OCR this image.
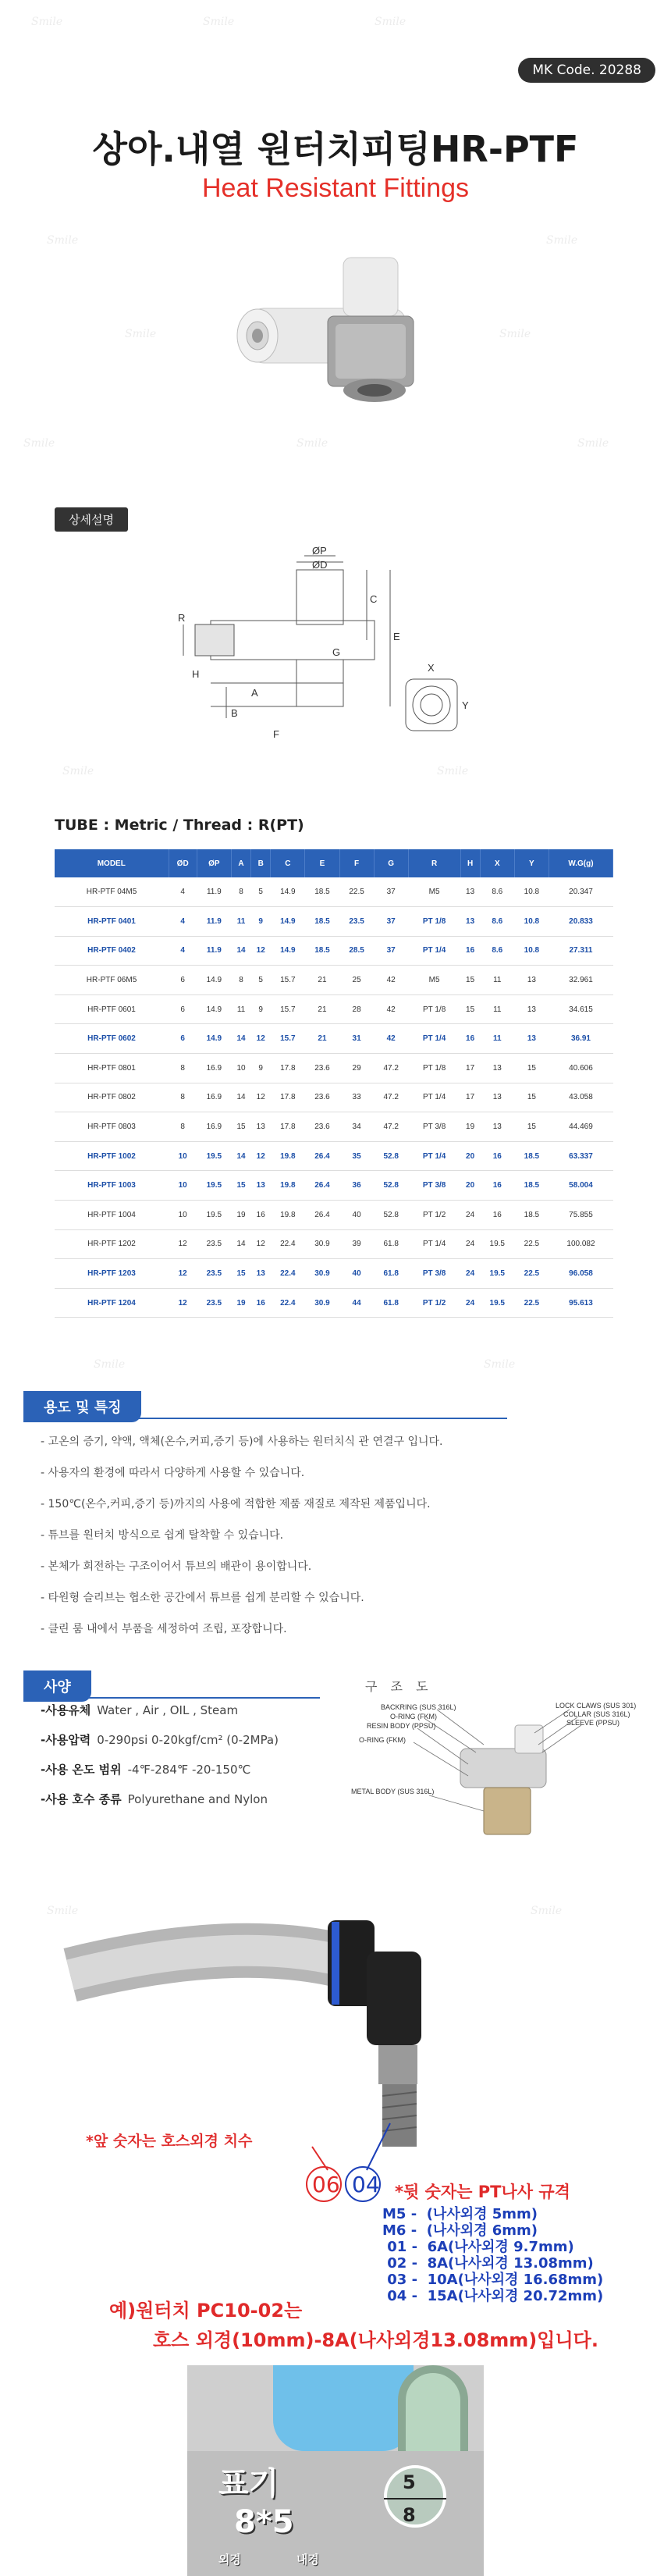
Smile	Smile	Smile
Smile	Smile
Smile	Smile
Smile	Smile	Smile
Smile	Smile
Smile	Smile
Smile	Smile
MK Code. 20288
상아.내열 원터치피팅HR-PTF
Heat Resistant Fittings
상세설명
ØP
ØD
C
E
A
B
R
H
G
F
X
Y
TUBE : Metric / Thread : R(PT)
MODEL	ØD	ØP	A	B	C	E	F	G	R	H	X	Y	W.G(g)
HR-PTF 04M5	4	11.9	8	5	14.9	18.5	22.5	37	M5	13	8.6	10.8	20.347
HR-PTF 0401	4	11.9	11	9	14.9	18.5	23.5	37	PT 1/8	13	8.6	10.8	20.833
HR-PTF 0402	4	11.9	14	12	14.9	18.5	28.5	37	PT 1/4	16	8.6	10.8	27.311
HR-PTF 06M5	6	14.9	8	5	15.7	21	25	42	M5	15	11	13	32.961
HR-PTF 0601	6	14.9	11	9	15.7	21	28	42	PT 1/8	15	11	13	34.615
HR-PTF 0602	6	14.9	14	12	15.7	21	31	42	PT 1/4	16	11	13	36.91
HR-PTF 0801	8	16.9	10	9	17.8	23.6	29	47.2	PT 1/8	17	13	15	40.606
HR-PTF 0802	8	16.9	14	12	17.8	23.6	33	47.2	PT 1/4	17	13	15	43.058
HR-PTF 0803	8	16.9	15	13	17.8	23.6	34	47.2	PT 3/8	19	13	15	44.469
HR-PTF 1002	10	19.5	14	12	19.8	26.4	35	52.8	PT 1/4	20	16	18.5	63.337
HR-PTF 1003	10	19.5	15	13	19.8	26.4	36	52.8	PT 3/8	20	16	18.5	58.004
HR-PTF 1004	10	19.5	19	16	19.8	26.4	40	52.8	PT 1/2	24	16	18.5	75.855
HR-PTF 1202	12	23.5	14	12	22.4	30.9	39	61.8	PT 1/4	24	19.5	22.5	100.082
HR-PTF 1203	12	23.5	15	13	22.4	30.9	40	61.8	PT 3/8	24	19.5	22.5	96.058
HR-PTF 1204	12	23.5	19	16	22.4	30.9	44	61.8	PT 1/2	24	19.5	22.5	95.613
용도 및 특징
- 고온의 증기, 약액, 액체(온수,커피,증기 등)에 사용하는 원터치식 관 연결구 입니다.
- 사용자의 환경에 따라서 다양하게 사용할 수 있습니다.
- 150℃(온수,커피,증기 등)까지의 사용에 적합한 제품 재질로 제작된 제품입니다.
- 튜브를 원터치 방식으로 쉽게 탈착할 수 있습니다.
- 본체가 회전하는 구조이어서 튜브의 배관이 용이합니다.
- 타원형 슬리브는 협소한 공간에서 튜브를 쉽게 분리할 수 있습니다.
- 클린 룸 내에서 부품을 세정하여 조립, 포장합니다.
사양
-사용유체 Water , Air , OIL , Steam
-사용압력 0-290psi 0-20kgf/cm² (0-2MPa)
-사용 온도 범위 -4℉-284℉ -20-150℃
-사용 호수 종류 Polyurethane and Nylon
구 조 도
BACKRING (SUS 316L)
O-RING (FKM)
RESIN BODY (PPSU)
O-RING (FKM)
METAL BODY (SUS 316L)
LOCK CLAWS (SUS 301)
COLLAR (SUS 316L)
SLEEVE (PPSU)
*앞 숫자는 호스외경 치수
06 04 *뒷 숫자는 PT나사 규격
M5 -  (나사외경 5mm)
M6 -  (나사외경 6mm)
01 -  6A(나사외경 9.7mm)
02 -  8A(나사외경 13.08mm)
03 -  10A(나사외경 16.68mm)
04 -  15A(나사외경 20.72mm)
예)원터치 PC10-02는
호스 외경(10mm)-8A(나사외경13.08mm)입니다.
표기
8*5
외경	내경
5
8
